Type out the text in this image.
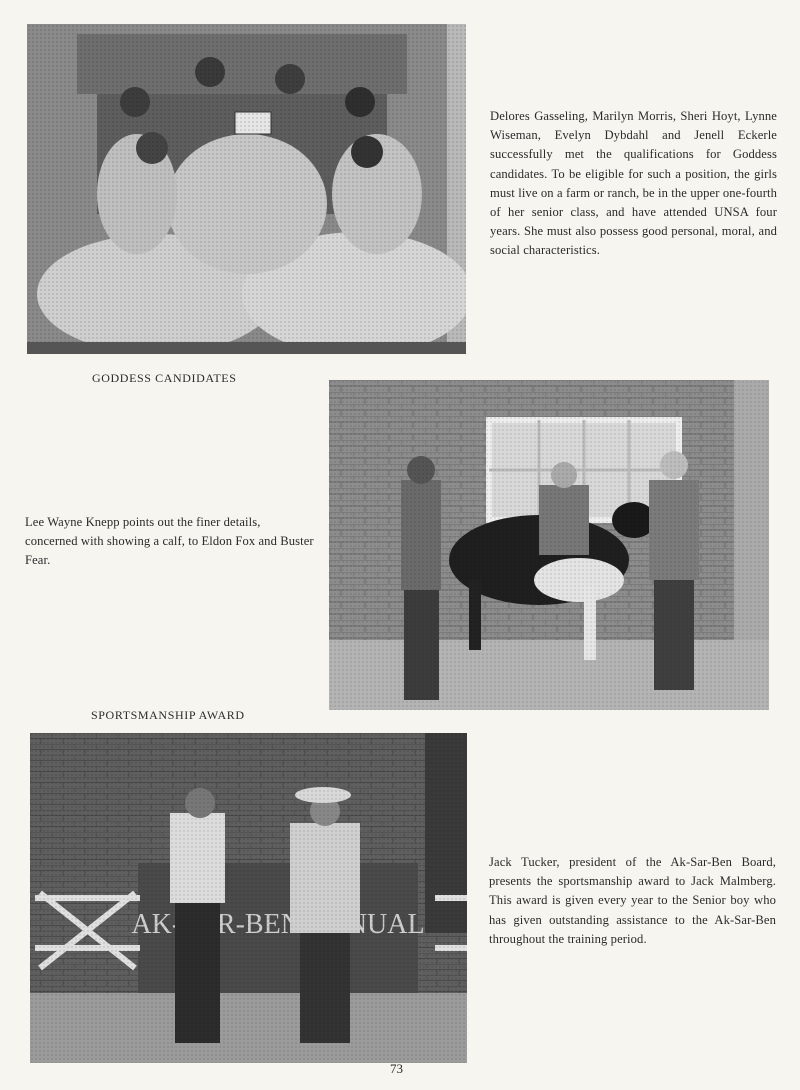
Delores Gasseling, Marilyn Morris, Sheri Hoyt, Lynne Wiseman, Evelyn Dybdahl and Jenell Eckerle successfully met the qualifications for Goddess candidates. To be eligible for such a position, the girls must live on a farm or ranch, be in the upper one-fourth of her senior class, and have attended UNSA four years. She must also possess good personal, moral, and social characteristics.
GODDESS CANDIDATES
Lee Wayne Knepp points out the finer details, concerned with showing a calf, to Eldon Fox and Buster Fear.
SPORTSMANSHIP AWARD
Jack Tucker, president of the Ak-Sar-Ben Board, presents the sportsmanship award to Jack Malmberg. This award is given every year to the Senior boy who has given outstanding assistance to the Ak-Sar-Ben throughout the training period.
73
